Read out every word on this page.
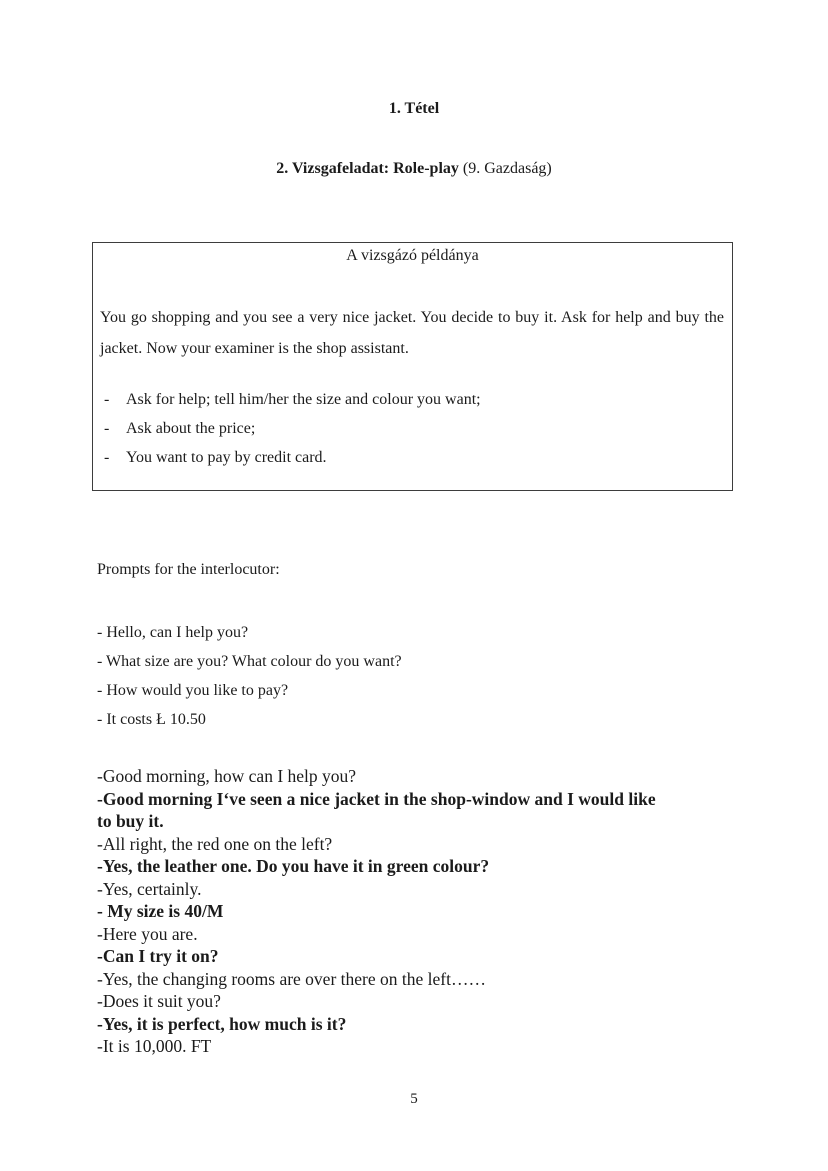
1. Tétel
2. Vizsgafeladat: Role-play (9. Gazdaság)
A vizsgázó példánya
You go shopping and you see a very nice jacket. You decide to buy it. Ask for help and buy the jacket. Now your examiner is the shop assistant.
-	Ask for help; tell him/her the size and colour you want;
-	Ask about the price;
-	You want to pay by credit card.
Prompts for the interlocutor:
- Hello, can I help you?
- What size are you? What colour do you want?
- How would you like to pay?
- It costs Ł 10.50
-Good morning, how can I help you?
-Good morning I‘ve seen a nice jacket in the shop-window and I would like
to buy it.
-All right, the red one on the left?
-Yes, the leather one. Do you have it in green colour?
-Yes, certainly.
- My size is 40/M
-Here you are.
-Can I try it on?
-Yes, the changing rooms are over there on the left……
-Does it suit you?
-Yes, it is perfect, how much is it?
-It is 10,000. FT
5
